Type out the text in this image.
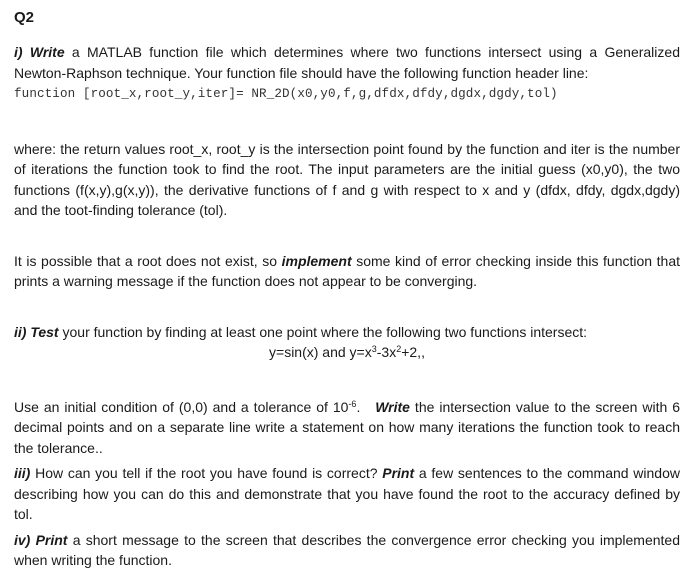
Q2

i) Write a MATLAB function file which determines where two functions intersect using a Generalized Newton-Raphson technique. Your function file should have the following function header line:

function [root_x,root_y,iter]= NR_2D(x0,y0,f,g,dfdx,dfdy,dgdx,dgdy,tol)

where: the return values root_x, root_y is the intersection point found by the function and iter is the number of iterations the function took to find the root. The input parameters are the initial guess (x0,y0), the two functions (f(x,y),g(x,y)), the derivative functions of f and g with respect to x and y (dfdx, dfdy, dgdx,dgdy) and the toot-finding tolerance (tol).

It is possible that a root does not exist, so implement some kind of error checking inside this function that prints a warning message if the function does not appear to be converging.

ii) Test your function by finding at least one point where the following two functions intersect:

y=sin(x) and $y=x^3-3x^2+2$,,

Use an initial condition of (0,0) and a tolerance of $10^{-6}$.   Write the intersection value to the screen with 6 decimal points and on a separate line write a statement on how many iterations the function took to reach the tolerance..

iii) How can you tell if the root you have found is correct? Print a few sentences to the command window describing how you can do this and demonstrate that you have found the root to the accuracy defined by tol.

iv) Print a short message to the screen that describes the convergence error checking you implemented when writing the function.
